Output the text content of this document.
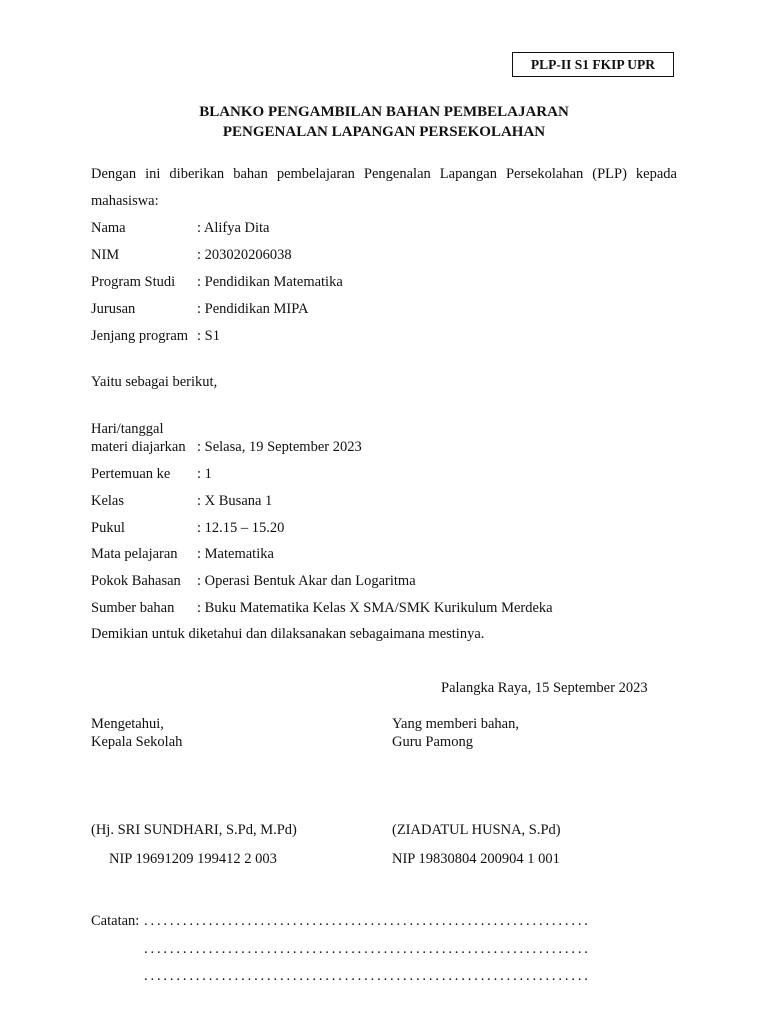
PLP-II S1 FKIP UPR
BLANKO PENGAMBILAN BAHAN PEMBELAJARAN
PENGENALAN LAPANGAN PERSEKOLAHAN
Dengan ini diberikan bahan pembelajaran Pengenalan Lapangan Persekolahan (PLP) kepada
mahasiswa:
Nama	: Alifya Dita
NIM	: 203020206038
Program Studi : Pendidikan Matematika
Jurusan	: Pendidikan MIPA
Jenjang program : S1
Yaitu sebagai berikut,
Hari/tanggal
materi diajarkan : Selasa, 19 September 2023
Pertemuan ke : 1
Kelas	: X Busana 1
Pukul	: 12.15 – 15.20
Mata pelajaran : Matematika
Pokok Bahasan : Operasi Bentuk Akar dan Logaritma
Sumber bahan : Buku Matematika Kelas X SMA/SMK Kurikulum Merdeka
Demikian untuk diketahui dan dilaksanakan sebagaimana mestinya.
Palangka Raya, 15 September 2023
Mengetahui,
Kepala Sekolah
Yang memberi bahan,
Guru Pamong
(Hj. SRI SUNDHARI, S.Pd, M.Pd)	(ZIADATUL HUSNA, S.Pd)
NIP 19691209 199412 2 003	NIP 19830804 200904 1 001
Catatan: .....................................................................
.....................................................................
.....................................................................
